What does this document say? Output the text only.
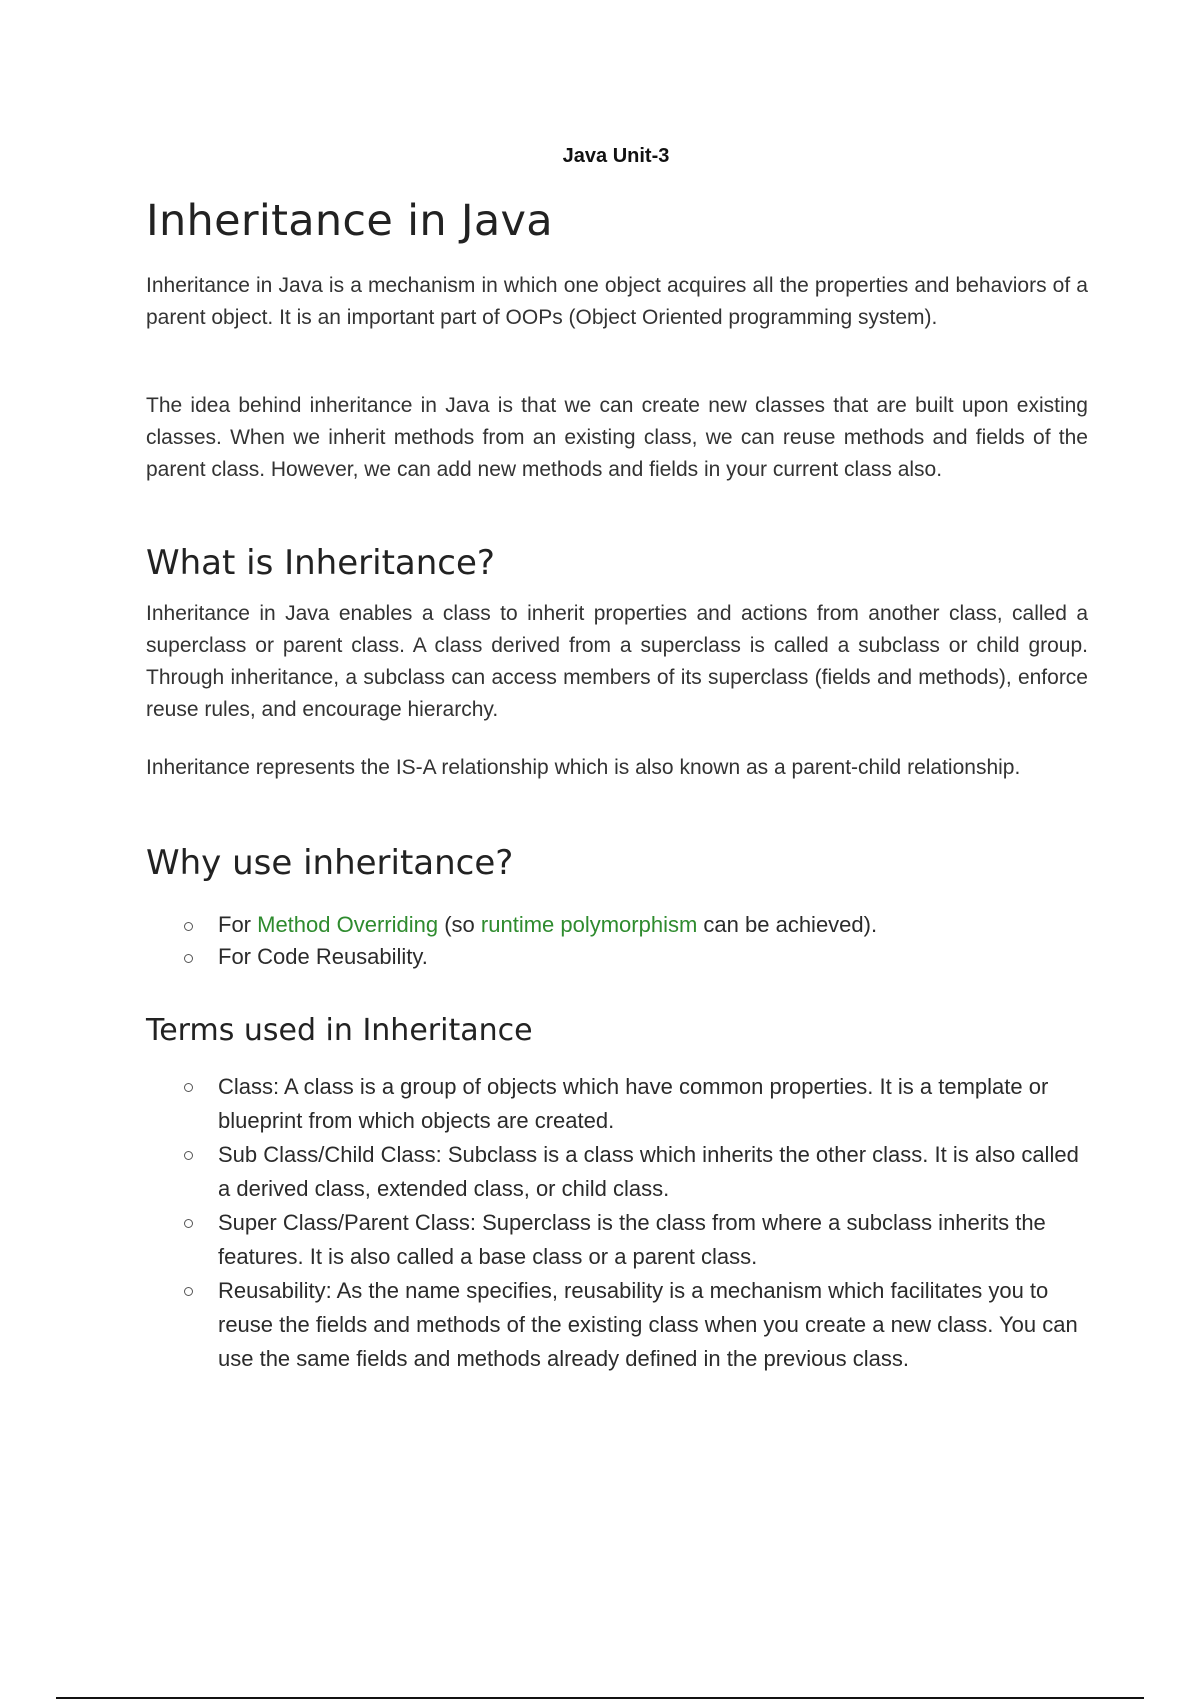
Java Unit-3
Inheritance in Java

Inheritance in Java is a mechanism in which one object acquires all the properties and behaviors of a parent object. It is an important part of OOPs (Object Oriented programming system).

The idea behind inheritance in Java is that we can create new classes that are built upon existing classes. When we inherit methods from an existing class, we can reuse methods and fields of the parent class. However, we can add new methods and fields in your current class also.

What is Inheritance?

Inheritance in Java enables a class to inherit properties and actions from another class, called a superclass or parent class. A class derived from a superclass is called a subclass or child group. Through inheritance, a subclass can access members of its superclass (fields and methods), enforce reuse rules, and encourage hierarchy.

Inheritance represents the IS-A relationship which is also known as a parent-child relationship.

Why use inheritance?
For Method Overriding (so runtime polymorphism can be achieved).
For Code Reusability.
Terms used in Inheritance
Class: A class is a group of objects which have common properties. It is a template or blueprint from which objects are created.
Sub Class/Child Class: Subclass is a class which inherits the other class. It is also called a derived class, extended class, or child class.
Super Class/Parent Class: Superclass is the class from where a subclass inherits the features. It is also called a base class or a parent class.
Reusability: As the name specifies, reusability is a mechanism which facilitates you to reuse the fields and methods of the existing class when you create a new class. You can use the same fields and methods already defined in the previous class.
